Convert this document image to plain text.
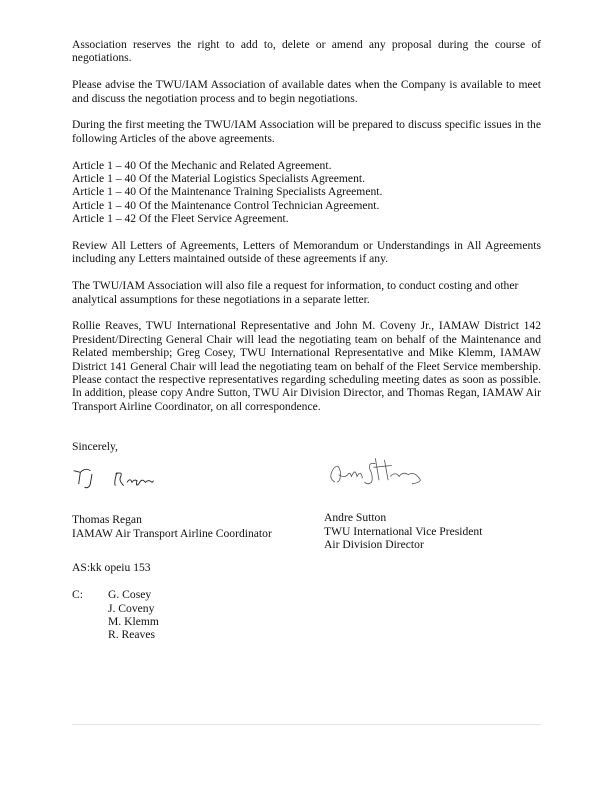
Association reserves the right to add to, delete or amend any proposal during the course of negotiations.

Please advise the TWU/IAM Association of available dates when the Company is available to meet and discuss the negotiation process and to begin negotiations.

During the first meeting the TWU/IAM Association will be prepared to discuss specific issues in the following Articles of the above agreements.

Article 1 – 40 Of the Mechanic and Related Agreement.

Article 1 – 40 Of the Material Logistics Specialists Agreement.

Article 1 – 40 Of the Maintenance Training Specialists Agreement.

Article 1 – 40 Of the Maintenance Control Technician Agreement.

Article 1 – 42 Of the Fleet Service Agreement.

Review All Letters of Agreements, Letters of Memorandum or Understandings in All Agreements including any Letters maintained outside of these agreements if any.

The TWU/IAM Association will also file a request for information, to conduct costing and other analytical assumptions for these negotiations in a separate letter.

Rollie Reaves, TWU International Representative and John M. Coveny Jr., IAMAW District 142 President/Directing General Chair will lead the negotiating team on behalf of the Maintenance and Related membership; Greg Cosey, TWU International Representative and Mike Klemm, IAMAW District 141 General Chair will lead the negotiating team on behalf of the Fleet Service membership. Please contact the respective representatives regarding scheduling meeting dates as soon as possible. In addition, please copy Andre Sutton, TWU Air Division Director, and Thomas Regan, IAMAW Air Transport Airline Coordinator, on all correspondence.

Sincerely,

Thomas Regan

IAMAW Air Transport Airline Coordinator

Andre Sutton

TWU International Vice President

Air Division Director

AS:kk opeiu 153

C: G. Cosey

J. Coveny

M. Klemm

R. Reaves
